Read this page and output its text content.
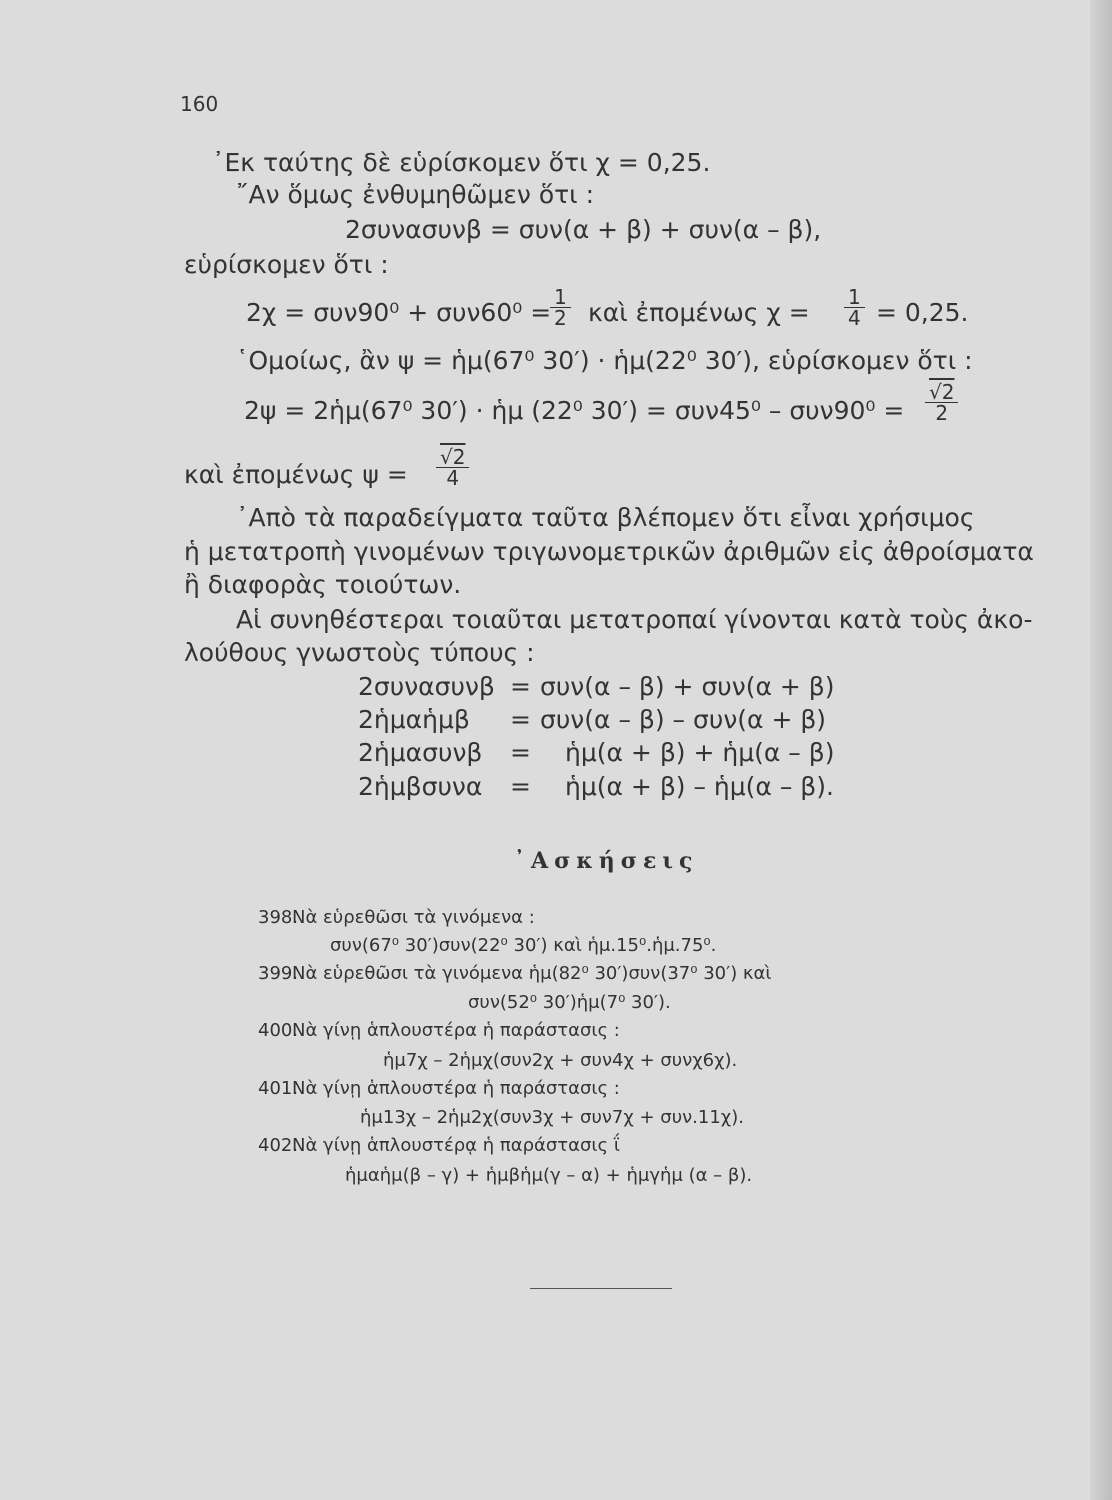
160
᾿Εκ ταύτης δὲ εὑρίσκομεν ὅτι χ = 0,25.
῎Αν ὅμως ἐνθυμηθῶμεν ὅτι :
2συνασυνβ = συν(α + β) + συν(α – β),
εὑρίσκομεν ὅτι :
2χ = συν90⁰ + συν60⁰ =
$\frac{1}{2}$ καὶ ἐπομένως $\chi = \frac{1}{4} = 0,25$.
῾Ομοίως, ἂν ψ = ἡμ(67⁰ 30′) · ἡμ(22⁰ 30′), εὑρίσκομεν ὅτι :
2ψ = 2ἡμ(67⁰ 30′) · ἡμ (22⁰ $30') = \sigma\upsilon\nu 45^0 - \sigma\upsilon\nu 90^0 = \frac{√2}{2}$
καὶ ἐπομένως $\psi = \frac{√2}{4}$
᾿Απὸ τὰ παραδείγματα ταῦτα βλέπομεν ὅτι εἶναι χρήσιμος
ἡ μετατροπὴ γινομένων τριγωνομετρικῶν ἀριθμῶν εἰς ἀθροίσματα
ἢ διαφορὰς τοιούτων.
Αἱ συνηθέστεραι τοιαῦται μετατροπαί γίνονται κατὰ τοὺς ἀκο-
λούθους γνωστοὺς τύπους :
2συνασυνβ = συν(α – β) + συν(α + β)
2ἡμαἡμβ = συν(α – β) – συν(α + β)
2ἡμασυνβ = ἡμ(α + β) + ἡμ(α – β)
2ἡμβσυνα = ἡμ(α + β) – ἡμ(α – β).
᾿Ασκήσεις
398.
Νὰ εὑρεθῶσι τὰ γινόμενα :
συν(67⁰ 30′)συν(22⁰ 30′) καὶ ἡμ.15⁰.ἡμ.75⁰.
399.
Νὰ εὑρεθῶσι τὰ γινόμενα ἡμ(82⁰ 30′)συν(37⁰ 30′) καὶ
συν(52⁰ 30′)ἡμ(7⁰ 30′).
400.
Νὰ γίνῃ ἁπλουστέρα ἡ παράστασις :
ἡμ7χ – 2ἡμχ(συν2χ + συν4χ + συνχ6χ).
401.
Νὰ γίνῃ ἁπλουστέρα ἡ παράστασις :
ἡμ13χ – 2ἡμ2χ(συν3χ + συν7χ + συν.11χ).
402.
Νὰ γίνῃ ἁπλουστέρᾳ ἡ παράστασις ΐ
ἡμαἡμ(β – γ) + ἡμβἡμ(γ – α) + ἡμγἡμ (α – β).
